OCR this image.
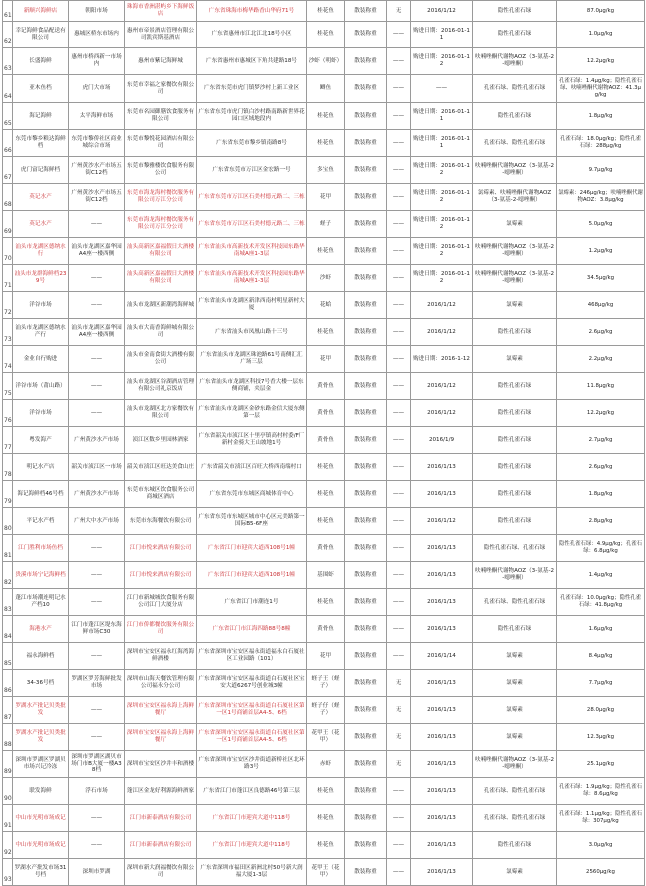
61	新顺兴海鲜店	朝阳市场	珠海市香洲湛屿乡下海鲜饭店	广东省珠海市梅华路香山华府71号	桂花鱼	散装称重	无	2016/1/12	隐性孔雀石绿	87.0μg/kg
62	幸记海鲜食品配送有限公司	惠城区桥东市场内	惠州市帝景酒店管理有限公司凯宾斯基酒店	广东省惠州市江北江北18号小区	桂花鱼	散装称重	——	购进日期：2016-01-11	隐性孔雀石绿	1.0μg/kg
63	长盛海鲜	惠州市桥西新一市场内	惠州市紫记海鲜城	广东省惠州市惠城区下角共建路18号	沙虾（明虾）	散装称重	——	购进日期：2016-01-12	呋喃唑酮代谢物AOZ（3-氨基-2-噁唑酮）	12.2μg/kg
64	亚木鱼档	虎门大市场	东莞市幸福之家餐饮有限公司	广东省东莞市虎门镇梦沙村上新工业区	鲫鱼	散装称重	——	——	孔雀石绿、隐性孔雀石绿	孔雀石绿：1.4μg/kg；隐性孔雀石绿、呋喃唑酮代谢物AOZ：41.3μg/kg
65	海记海鲜	太平海鲜市场	东莞市名园御膳饮食服务有限公司	广东省东莞市虎门镇白沙村路南路新世界花园口区域地段内	桂花鱼	散装称重	——	购进日期：2016-01-11	隐性孔雀石绿	1.8μg/kg
66	东莞市黎乡粮达海鲜档	东莞市黎侨社区商业城综合市场	东莞市黎悦花园酒店有限公司	广东省东莞市黎乡镇南路8号	桂花鱼	散装称重	——	购进日期：2016-01-11	孔雀石绿、隐性孔雀石绿	孔雀石绿：18.0μg/kg；隐性孔雀石绿：288μg/kg
67	虎门富记海鲜档	广州黄沙水产市场五街C12档	东莞市黎雅楼饮食服务有限公司	广东省东莞市万江区金宏路一号	多宝鱼	散装称重	——	购进日期：2016-01-12	呋喃唑酮代谢物AOZ（3-氨基-2-噁唑酮）	9.7μg/kg
68	英记水产	广州黄沙水产市场五街C12档	东莞市海龙海村餐饮服务有限公司万江分公司	广东省东莞市万江区石美村德元路二、三栋	花甲	散装称重	——	购进日期：2016-01-12	氯霉素、呋喃唑酮代谢物AOZ（3-氨基-2-噁唑酮）	氯霉素：246μg/kg；呋喃唑酮代谢物AOZ：3.8μg/kg
69	英记水产	——	东莞市海龙海村餐饮服务有限公司万江分公司	广东省东莞市万江区石美村德元路二、三栋	蛏子	散装称重	——	购进日期：2016-01-12	氯霉素	5.0μg/kg
70	汕头市龙湖区德纳水行	汕头市龙湖区嘉华园A4座一楼西侧	汕头高新区嘉福假日大酒楼有限公司	广东省汕头市高新技术开发区科技园东路华南城A座1-3层	桂花鱼	散装称重	——	购进日期：2016-01-12	呋喃唑酮代谢物AOZ（3-氨基-2-噁唑酮）	1.2μg/kg
71	汕头市龙群海鲜档239号	——	汕头高新区嘉福假日大酒楼有限公司	广东省汕头市高新技术开发区科技园东路华南城A座1-3层	沙虾	散装称重	——	购进日期：2016-01-12	呋喃唑酮代谢物AOZ（3-氨基-2-噁唑酮）	34.5μg/kg
72	洋谷市场	——	汕头市龙湖区新潮湾海鲜城	广东省汕头市龙湖区新津西南村明星新村大厦	花蛤	散装称重	——	2016/1/12	氯霉素	468μg/kg
73	汕头市龙湖区德纳水产行	汕头市龙湖区嘉华园A4座一楼西侧	汕头市大南香海鲜城有限公司	广东省汕头市凤凰山路十三号	桂花鱼	散装称重	——	2016/1/12	隐性孔雀石绿	2.6μg/kg
74	金业自行购进	——	汕头市金南食街大酒楼有限公司	广东省汕头市龙湖区珠池路61号南侧汇汇广场三层	花甲	散装称重	——	购进日期：2016-1-12	氯霉素	2.2μg/kg
75	洋谷市场（莆山路）	——	汕头市龙湖区谷湖酒店管理有限公司礼京饭店	广东省汕头市龙湖区科技7号香大楼一层东侧商铺，夹层金	黄骨鱼	散装称重	——	2016/1/12	隐性孔雀石绿	11.8μg/kg
76	洋谷市场	——	汕头市龙湖区北方家餐饮有限公司	广东省汕头市龙湖区金砂东路金信大厦东侧第一层	黄骨鱼	散装称重	——	2016/1/12	隐性孔雀石绿	12.2μg/kg
77	粤发海产	广州黄沙水产市场	浈江区数乡里园林酒家	广东省韶关市浈江区十里亭镇高村村委/F厂新村金骑大王山坡地1号	黄骨鱼	散装称重	——	2016/1/9	隐性孔雀石绿	2.7μg/kg
78	明记水产店	韶关市浈江区一市场	韶关市浈江区旺达美食山庄	广东省韶关市浈江区百旺大桥西南端村口	桂花鱼	散装称重	——	2016/1/13	隐性孔雀石绿	2.6μg/kg
79	海记海鲜档46号档	广州黄沙水产市场	东莞市东城区饮食服务公司商城区酒店	广东省东莞市东城区商城体育中心	桂花鱼	散装称重	——	2016/1/13	隐性孔雀石绿	1.8μg/kg
80	平记水产档	广州大中水产市场	东莞市东海餐饮有限公司	广东省东莞市东城区城市中心区元美路第一国际B5-6F座	桂花鱼	散装称重	——	2016/1/12	隐性孔雀石绿	2.8μg/kg
81	江门胜利市场鱼档	——	江门市悦来酒店有限公司	广东省江门市迎宾大道西108号1幢	黄骨鱼	散装称重	——	2016/1/13	隐性孔雀石绿、孔雀石绿	隐性孔雀石绿：4.9μg/kg；孔雀石绿：6.8μg/kg
82	贵溪市场宁记海鲜档	——	江门市悦来酒店有限公司	广东省江门市迎宾大道西108号1幢	基围虾	散装称重	——	2016/1/13	呋喃唑酮代谢物AOZ（3-氨基-2-噁唑酮）	1.4μg/kg
83	蓬江市场潮连明记水产档10	——	江门市新城城饮食服务有限公司江门大厦分店	广东省江门市潮连1号	桂花鱼	散装称重	——	2016/1/13	孔雀石绿、隐性孔雀石绿	孔雀石绿：10.0μg/kg；隐性孔雀石绿：41.8μg/kg
84	海港水产	江门市蓬江区堤东海鲜市场C30	江门市侨都餐饮服务有限公司	广东省江门市江海四路88号8幢	黄骨鱼	散装称重	——	2016/1/13	隐性孔雀石绿	1.6μg/kg
85	福永海鲜档	——	深圳市宝安区福永红海湾海鲜酒楼	广东省深圳市宝安区福永街道福永白石厦社区工业园路（101）	花甲	散装称重	——	2016/1/14	氯霉素	8.4μg/kg
86	34-36号档	罗湖区罗芳海鲜批发市场	深圳市山海天餐饮管理有限公司福永分公司	广东省深圳市宝安区福永街道白石厦社区宝安大道6267号创业城3幢	蛏子王（蛏子）	散装称重	无	2016/1/13	氯霉素	7.7μg/kg
87	罗湖水产批记贝类批发	——	深圳市宝安区福永海上海鲜餐厅	广东省深圳市宝安区福永街道白石厦社区第一区1号商铺首层A4-5、6档	蛏子仔（蛏子）	散装称重	无	2016/1/13	氯霉素	28.0μg/kg
88	罗湖水产批记贝类批发	——	深圳市宝安区福永海上海鲜餐厅	广东省深圳市宝安区福永街道白石厦社区第一区1号商铺首层A4-5、6档	花甲王（花甲）	散装称重	无	2016/1/13	氯霉素	12.3μg/kg
89	深圳市罗湖区罗湖贝市场兴记冷冻	深圳市罗湖区湖贝市场门市B大厦一楼A38档	深圳市宝安区沙井丰和酒楼	广东省深圳市宝安区沙井街道新桥社区北环路3号	赤虾	散装称重	无	2016/1/13	呋喃唑酮代谢物AOZ（3-氨基-2-噁唑酮）	25.1μg/kg
90	联发海鲜	浮石市场	蓬江区金龙好利源海鲜酒家	广东省江门市蓬江区良德路46号第三层	桂花鱼	散装称重	——	2016/1/13	孔雀石绿、隐性孔雀石绿	孔雀石绿：1.9μg/kg；隐性孔雀石绿：8.6μg/kg
91	中山市光明市场成记	——	江门市新泰酒店有限公司	广东省江门市迎宾大道中118号	桂花鱼	散装称重	——	2016/1/13	孔雀石绿、隐性孔雀石绿	孔雀石绿：1.1μg/kg；隐性孔雀石绿：307μg/kg
92	中山市光明市场成记	——	江门市新泰酒店有限公司	广东省江门市迎宾大道中118号	桂花鱼	散装称重	——	2016/1/13	隐性孔雀石绿	3.0μg/kg
93	罗湖水产批发市场31号档	深圳市罗湖	深圳市新大润福餐饮有限公司	广东省深圳市福田区新洲北村50号新大润福大厦1-3层	花甲王（花甲）	散装称重	——	2016/1/13	氯霉素	2560μg/kg
